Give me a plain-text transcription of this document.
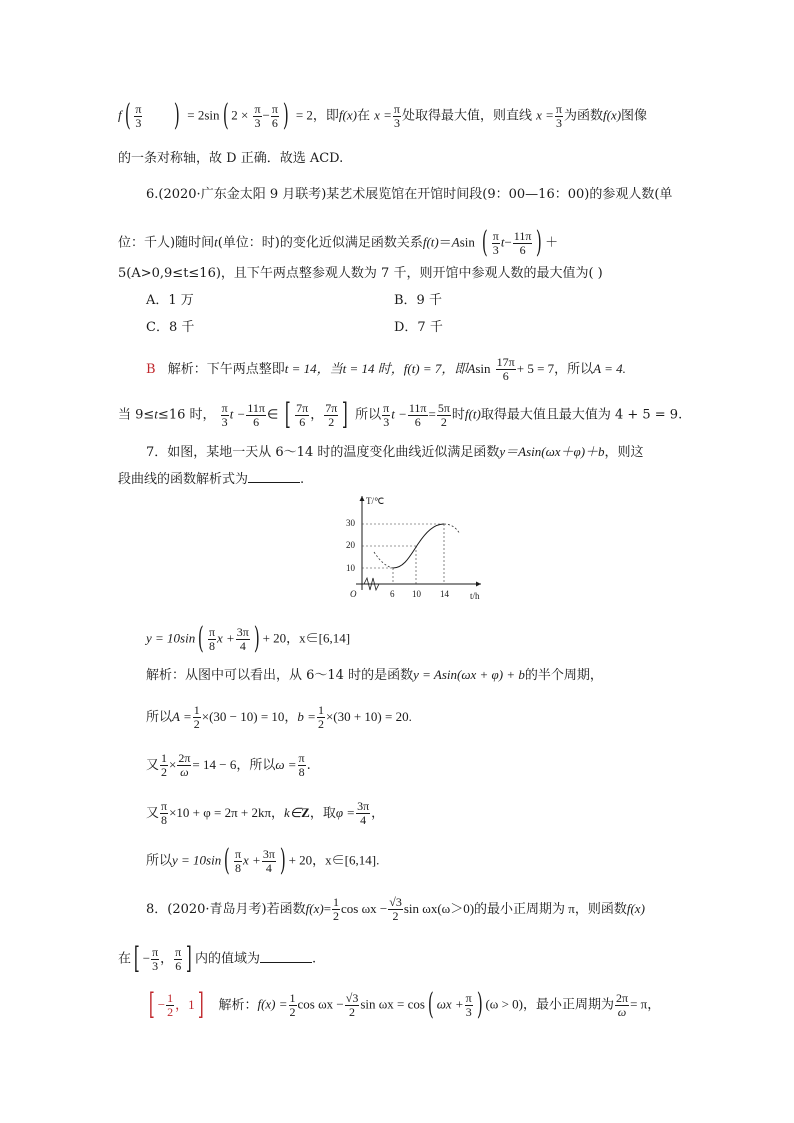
$f( \frac{\pi}{3}$ ) = 2sin( $2 \times \frac{\pi}{3} - \frac{\pi}{6}$ ) = 2，即f(x)在 $x = \frac{\pi}{3}$ 处取得最大值，则直线 $x = \frac{\pi}{3}$ 为函数f(x)图像
的一条对称轴，故 D 正确．故选 ACD.
6.(2020·广东金太阳 9 月联考)某艺术展览馆在开馆时间段(9：00—16：00)的参观人数(单
位：千人)随时间t(单位：时)的变化近似满足函数关系f(t)＝Asin ( $\frac{\pi}{3} t- \frac{11\pi}{6}$ ) ＋
5(A>0,9≤t≤16)，且下午两点整参观人数为 7 千，则开馆中参观人数的最大值为( )
A．1 万	B．9 千
C．8 千	D．7 千
B 解析：下午两点整即t = 14，当t = 14 时，f(t) = 7，即Asin $\frac{17\pi}{6} + 5 = 7$，所以A = 4.
当 9≤t≤16 时， $\frac{\pi}{3}$ $t - \frac{11\pi}{6}$ ∈ [ $\frac{7\pi}{6}$ ， $\frac{7\pi}{2}$ ] 所以 $\frac{\pi}{3}$ $t - \frac{11\pi}{6} = \frac{5\pi}{2}$ 时f(t)取得最大值且最大值为 4 + 5 = 9.
7．如图，某地一天从 6～14 时的温度变化曲线近似满足函数y＝Asin(ωx＋φ)＋b，则这
段曲线的函数解析式为	.
T/℃
t/h
O
10
20
30
6 10 14
$y = 10\sin( \frac{\pi}{8}$ $x + \frac{3\pi}{4}$ ) + 20，x∈[6,14]
解析：从图中可以看出，从 6～14 时的是函数y = Asin(ωx + φ) + b的半个周期，
所以$A = \frac{1}{2} \times(30 - 10) = 10$，$b = \frac{1}{2} \times(30 + 10) = 20$.
又 $\frac{1}{2} \times \frac{2\pi}{\omega} = 14 - 6$，所以$\omega = \frac{\pi}{8}$ .
又 $\frac{\pi}{8} \times 10 + \varphi = 2\pi + 2k\pi$，k∈Z，取$\varphi = \frac{3\pi}{4}$ ，
所以$y = 10\sin( \frac{\pi}{8}$ $x + \frac{3\pi}{4}$ ) + 20，x∈[6,14].
8．(2020·青岛月考)若函数$f(x)= \frac{1}{2}$ $\cos \omega x - \frac{√3}{2}$ sin ωx(ω＞0)的最小正周期为 π，则函数f(x)
在[ − $\frac{\pi}{3}$ ， $\frac{\pi}{6}$ ] 内的值域为	.
[ − $\frac{1}{2}$ ，1] 解析：$f(x) = \frac{1}{2}$ $\cos \omega x - \frac{√3}{2}$ sin ωx = cos( $\omega x + \frac{\pi}{3}$ ) (ω > 0)，最小正周期为 $\frac{2\pi}{\omega} = \pi$，
